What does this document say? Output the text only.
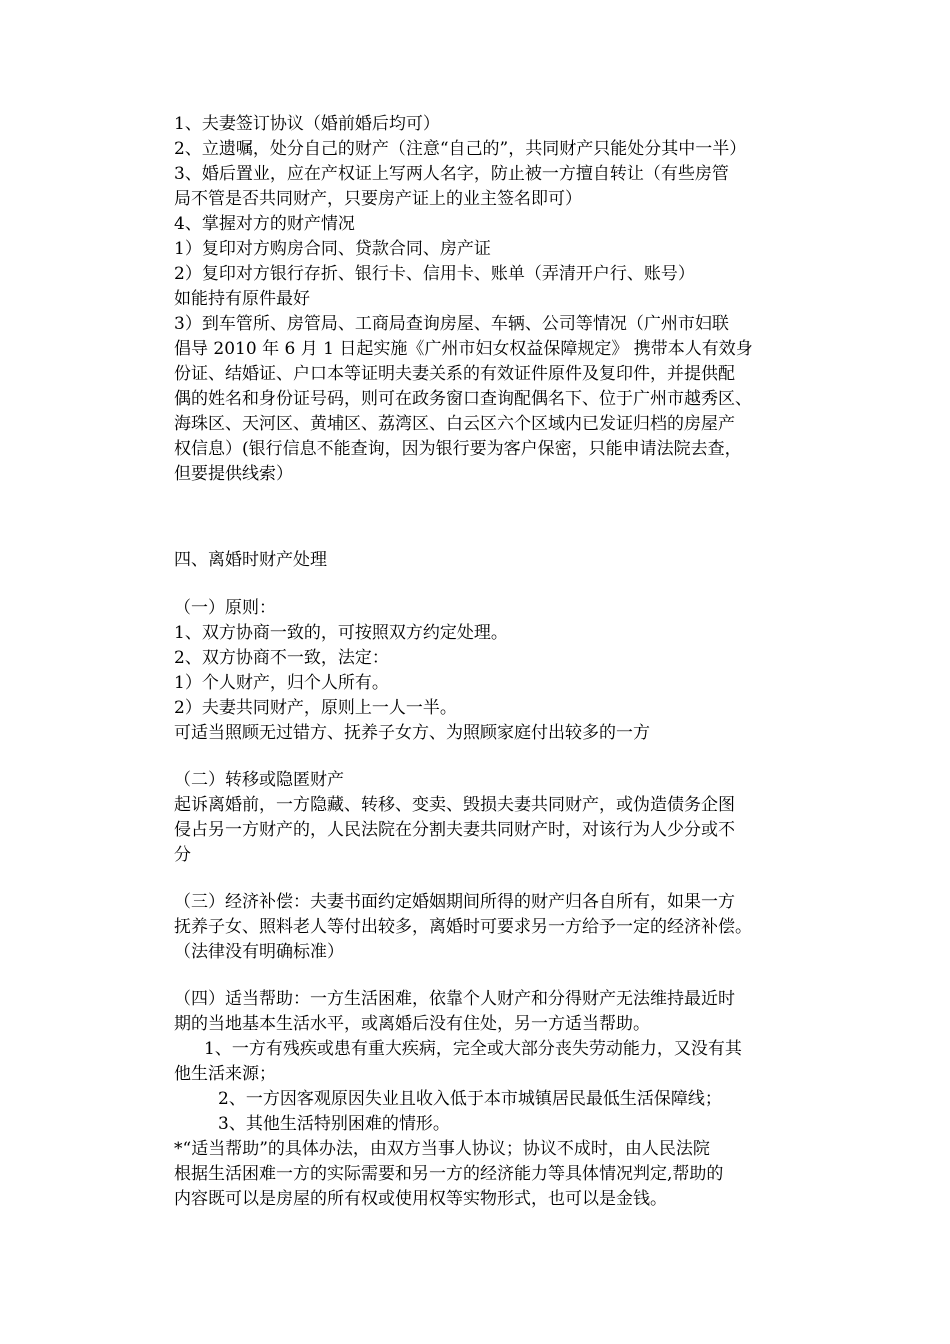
1、夫妻签订协议（婚前婚后均可）
2、立遗嘱，处分自己的财产（注意“自己的”，共同财产只能处分其中一半）
3、婚后置业，应在产权证上写两人名字，防止被一方擅自转让（有些房管
局不管是否共同财产，只要房产证上的业主签名即可）
4、掌握对方的财产情况
1）复印对方购房合同、贷款合同、房产证
2）复印对方银行存折、银行卡、信用卡、账单（弄清开户行、账号）
如能持有原件最好
3）到车管所、房管局、工商局查询房屋、车辆、公司等情况（广州市妇联
倡导 2010 年 6 月 1 日起实施《广州市妇女权益保障规定》 携带本人有效身
份证、结婚证、户口本等证明夫妻关系的有效证件原件及复印件，并提供配
偶的姓名和身份证号码，则可在政务窗口查询配偶名下、位于广州市越秀区、
海珠区、天河区、黄埔区、荔湾区、白云区六个区域内已发证归档的房屋产
权信息）(银行信息不能查询，因为银行要为客户保密，只能申请法院去查，
但要提供线索）
四、离婚时财产处理
（一）原则：
1、双方协商一致的，可按照双方约定处理。
2、双方协商不一致，法定：
1）个人财产，归个人所有。
2）夫妻共同财产，原则上一人一半。
可适当照顾无过错方、抚养子女方、为照顾家庭付出较多的一方
（二）转移或隐匿财产
起诉离婚前，一方隐藏、转移、变卖、毁损夫妻共同财产，或伪造债务企图
侵占另一方财产的，人民法院在分割夫妻共同财产时，对该行为人少分或不
分
（三）经济补偿：夫妻书面约定婚姻期间所得的财产归各自所有，如果一方
抚养子女、照料老人等付出较多，离婚时可要求另一方给予一定的经济补偿。
（法律没有明确标准）
（四）适当帮助：一方生活困难，依靠个人财产和分得财产无法维持最近时
期的当地基本生活水平，或离婚后没有住处，另一方适当帮助。
1、一方有残疾或患有重大疾病，完全或大部分丧失劳动能力，又没有其
他生活来源；
2、一方因客观原因失业且收入低于本市城镇居民最低生活保障线；
3、其他生活特别困难的情形。
*“适当帮助”的具体办法，由双方当事人协议；协议不成时，由人民法院
根据生活困难一方的实际需要和另一方的经济能力等具体情况判定,帮助的
内容既可以是房屋的所有权或使用权等实物形式，也可以是金钱。
